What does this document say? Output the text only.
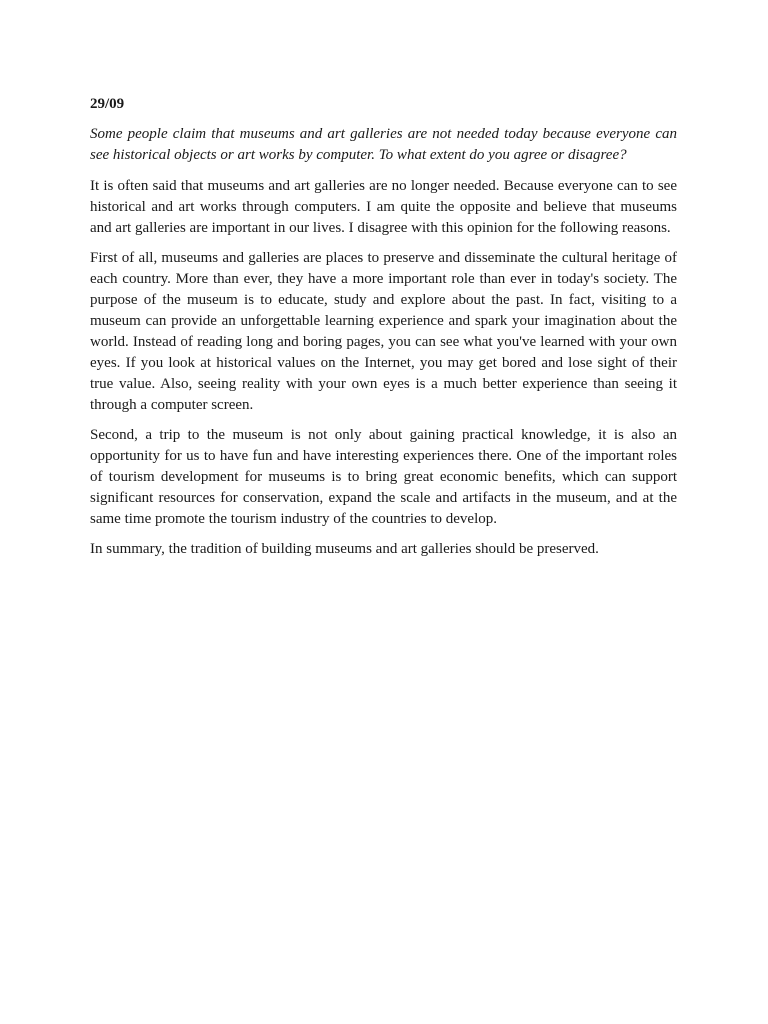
29/09
Some people claim that museums and art galleries are not needed today because everyone can see historical objects or art works by computer. To what extent do you agree or disagree?

It is often said that museums and art galleries are no longer needed. Because everyone can to see historical and art works through computers. I am quite the opposite and believe that museums and art galleries are important in our lives. I disagree with this opinion for the following reasons.

First of all, museums and galleries are places to preserve and disseminate the cultural heritage of each country. More than ever, they have a more important role than ever in today's society. The purpose of the museum is to educate, study and explore about the past. In fact, visiting to a museum can provide an unforgettable learning experience and spark your imagination about the world. Instead of reading long and boring pages, you can see what you've learned with your own eyes. If you look at historical values on the Internet, you may get bored and lose sight of their true value. Also, seeing reality with your own eyes is a much better experience than seeing it through a computer screen.

Second, a trip to the museum is not only about gaining practical knowledge, it is also an opportunity for us to have fun and have interesting experiences there. One of the important roles of tourism development for museums is to bring great economic benefits, which can support significant resources for conservation, expand the scale and artifacts in the museum, and at the same time promote the tourism industry of the countries to develop.

In summary, the tradition of building museums and art galleries should be preserved.
